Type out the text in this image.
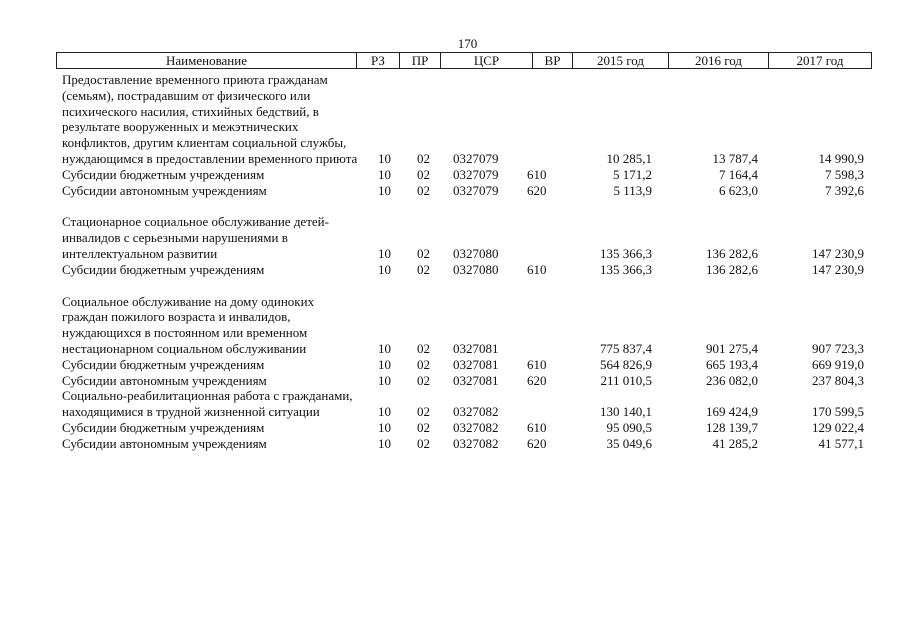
170
Наименование	РЗ	ПР	ЦСР	ВР	2015 год	2016 год	2017 год
Предоставление временного приюта гражданам (семьям), пострадавшим от физического или психического насилия, стихийных бедствий, в результате вооруженных и межэтнических конфликтов, другим клиентам социальной службы, нуждающимся в предоставлении временного приюта	10 02 0327079	10 285,1	13 787,4	14 990,9
Субсидии бюджетным учреждениям	10 02 0327079 610	5 171,2	7 164,4	7 598,3
Субсидии автономным учреждениям	10 02 0327079 620	5 113,9	6 623,0	7 392,6
Стационарное социальное обслуживание детей-инвалидов с серьезными нарушениями в интеллектуальном развитии	10 02 0327080	135 366,3	136 282,6	147 230,9
Субсидии бюджетным учреждениям	10 02 0327080 610	135 366,3	136 282,6	147 230,9
Социальное обслуживание на дому одиноких граждан пожилого возраста и инвалидов, нуждающихся в постоянном или временном нестационарном социальном обслуживании	10 02 0327081	775 837,4	901 275,4	907 723,3
Субсидии бюджетным учреждениям	10 02 0327081 610	564 826,9	665 193,4	669 919,0
Субсидии автономным учреждениям	10 02 0327081 620	211 010,5	236 082,0	237 804,3
Социально-реабилитационная работа с гражданами, находящимися в трудной жизненной ситуации	10 02 0327082	130 140,1	169 424,9	170 599,5
Субсидии бюджетным учреждениям	10 02 0327082 610	95 090,5	128 139,7	129 022,4
Субсидии автономным учреждениям	10 02 0327082 620	35 049,6	41 285,2	41 577,1
